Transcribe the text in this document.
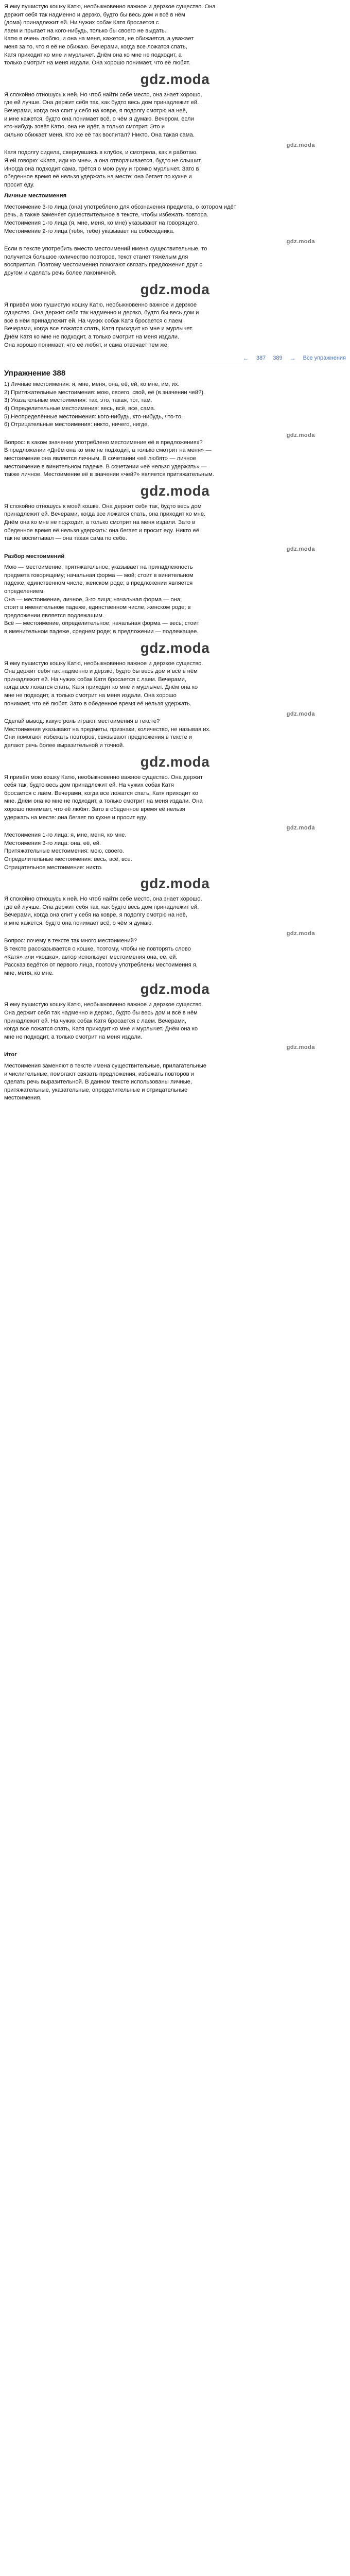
Я ему пушистую кошку Катю, необыкновенно важное и дерзкое существо. Она
держит себя так надменно и дерзко, будто бы весь дом и всё в нём
(дома) принадлежит ей. Ни чужих собак Катя бросается с
лаем и прыгает на кого-нибудь, только бы своего не выдать.
Катю я очень люблю, и она на меня, кажется, не обижается, а уважает
меня за то, что я её не обижаю. Вечерами, когда все ложатся спать,
Катя приходит ко мне и мурлычет. Днём она ко мне не подходит, а
только смотрит на меня издали. Она хорошо понимает, что её любят.
gdz.moda
Я спокойно отношусь к ней. Но чтоб найти себе место, она знает хорошо,
где ей лучше. Она держит себя так, как будто весь дом принадлежит ей.
Вечерами, когда она спит у себя на ковре, я подолгу смотрю на неё,
и мне кажется, будто она понимает всё, о чём я думаю. Вечером, если
кто-нибудь зовёт Катю, она не идёт, а только смотрит. Это и
сильно обижает меня. Кто же её так воспитал? Никто. Она такая сама.
gdz.moda
Катя подолгу сидела, свернувшись в клубок, и смотрела, как я работаю.
Я ей говорю: «Катя, иди ко мне», а она отворачивается, будто не слышит.
Иногда она подходит сама, трётся о мою руку и громко мурлычет. Зато в
обеденное время её нельзя удержать на месте: она бегает по кухне и
просит еду.
Личные местоимения
Местоимение 3-го лица (она) употреблено для обозначения предмета, о котором идёт
речь, а также заменяет существительное в тексте, чтобы избежать повтора.
Местоимения 1-го лица (я, мне, меня, ко мне) указывают на говорящего.
Местоимение 2-го лица (тебя, тебе) указывает на собеседника.
gdz.moda
Если в тексте употребить вместо местоимений имена существительные, то
получится большое количество повторов, текст станет тяжёлым для
восприятия. Поэтому местоимения помогают связать предложения друг с
другом и сделать речь более лаконичной.
gdz.moda
Я привёл мою пушистую кошку Катю, необыкновенно важное и дерзкое
существо. Она держит себя так надменно и дерзко, будто бы весь дом и
всё в нём принадлежит ей. На чужих собак Катя бросается с лаем.
Вечерами, когда все ложатся спать, Катя приходит ко мне и мурлычет.
Днём Катя ко мне не подходит, а только смотрит на меня издали.
Она хорошо понимает, что её любят, и сама отвечает тем же.
← 387 389 → Все упражнения
Упражнение 388
1) Личные местоимения: я, мне, меня, она, её, ей, ко мне, им, их.
2) Притяжательные местоимения: мою, своего, свой, её (в значении чей?).
3) Указательные местоимения: так, это, такая, тот, там.
4) Определительные местоимения: весь, всё, все, сама.
5) Неопределённые местоимения: кого-нибудь, кто-нибудь, что-то.
6) Отрицательные местоимения: никто, ничего, нигде.
gdz.moda
Вопрос: в каком значении употреблено местоимение её в предложениях?
В предложении «Днём она ко мне не подходит, а только смотрит на меня» —
местоимение она является личным. В сочетании «её любят» — личное
местоимение в винительном падеже. В сочетании «её нельзя удержать» —
также личное. Местоимение её в значении «чей?» является притяжательным.
gdz.moda
Я спокойно отношусь к моей кошке. Она держит себя так, будто весь дом
принадлежит ей. Вечерами, когда все ложатся спать, она приходит ко мне.
Днём она ко мне не подходит, а только смотрит на меня издали. Зато в
обеденное время её нельзя удержать: она бегает и просит еду. Никто её
так не воспитывал — она такая сама по себе.
gdz.moda
Разбор местоимений
Мою — местоимение, притяжательное, указывает на принадлежность
предмета говорящему; начальная форма — мой; стоит в винительном
падеже, единственном числе, женском роде; в предложении является
определением.
Она — местоимение, личное, 3-го лица; начальная форма — она;
стоит в именительном падеже, единственном числе, женском роде; в
предложении является подлежащим.
Всё — местоимение, определительное; начальная форма — весь; стоит
в именительном падеже, среднем роде; в предложении — подлежащее.
gdz.moda
Я ему пушистую кошку Катю, необыкновенно важное и дерзкое существо.
Она держит себя так надменно и дерзко, будто бы весь дом и всё в нём
принадлежит ей. На чужих собак Катя бросается с лаем. Вечерами,
когда все ложатся спать, Катя приходит ко мне и мурлычет. Днём она ко
мне не подходит, а только смотрит на меня издали. Она хорошо
понимает, что её любят. Зато в обеденное время её нельзя удержать.
gdz.moda
Сделай вывод: какую роль играют местоимения в тексте?
Местоимения указывают на предметы, признаки, количество, не называя их.
Они помогают избежать повторов, связывают предложения в тексте и
делают речь более выразительной и точной.
gdz.moda
Я привёл мою кошку Катю, необыкновенно важное существо. Она держит
себя так, будто весь дом принадлежит ей. На чужих собак Катя
бросается с лаем. Вечерами, когда все ложатся спать, Катя приходит ко
мне. Днём она ко мне не подходит, а только смотрит на меня издали. Она
хорошо понимает, что её любят. Зато в обеденное время её нельзя
удержать на месте: она бегает по кухне и просит еду.
gdz.moda
Местоимения 1-го лица: я, мне, меня, ко мне.
Местоимения 3-го лица: она, её, ей.
Притяжательные местоимения: мою, своего.
Определительные местоимения: весь, всё, все.
Отрицательное местоимение: никто.
gdz.moda
Я спокойно отношусь к ней. Но чтоб найти себе место, она знает хорошо,
где ей лучше. Она держит себя так, как будто весь дом принадлежит ей.
Вечерами, когда она спит у себя на ковре, я подолгу смотрю на неё,
и мне кажется, будто она понимает всё, о чём я думаю.
gdz.moda
Вопрос: почему в тексте так много местоимений?
В тексте рассказывается о кошке, поэтому, чтобы не повторять слово
«Катя» или «кошка», автор использует местоимения она, её, ей.
Рассказ ведётся от первого лица, поэтому употреблены местоимения я,
мне, меня, ко мне.
gdz.moda
Я ему пушистую кошку Катю, необыкновенно важное и дерзкое существо.
Она держит себя так надменно и дерзко, будто бы весь дом и всё в нём
принадлежит ей. На чужих собак Катя бросается с лаем. Вечерами,
когда все ложатся спать, Катя приходит ко мне и мурлычет. Днём она ко
мне не подходит, а только смотрит на меня издали.
gdz.moda
Итог
Местоимения заменяют в тексте имена существительные, прилагательные
и числительные, помогают связать предложения, избежать повторов и
сделать речь выразительной. В данном тексте использованы личные,
притяжательные, указательные, определительные и отрицательные
местоимения.
